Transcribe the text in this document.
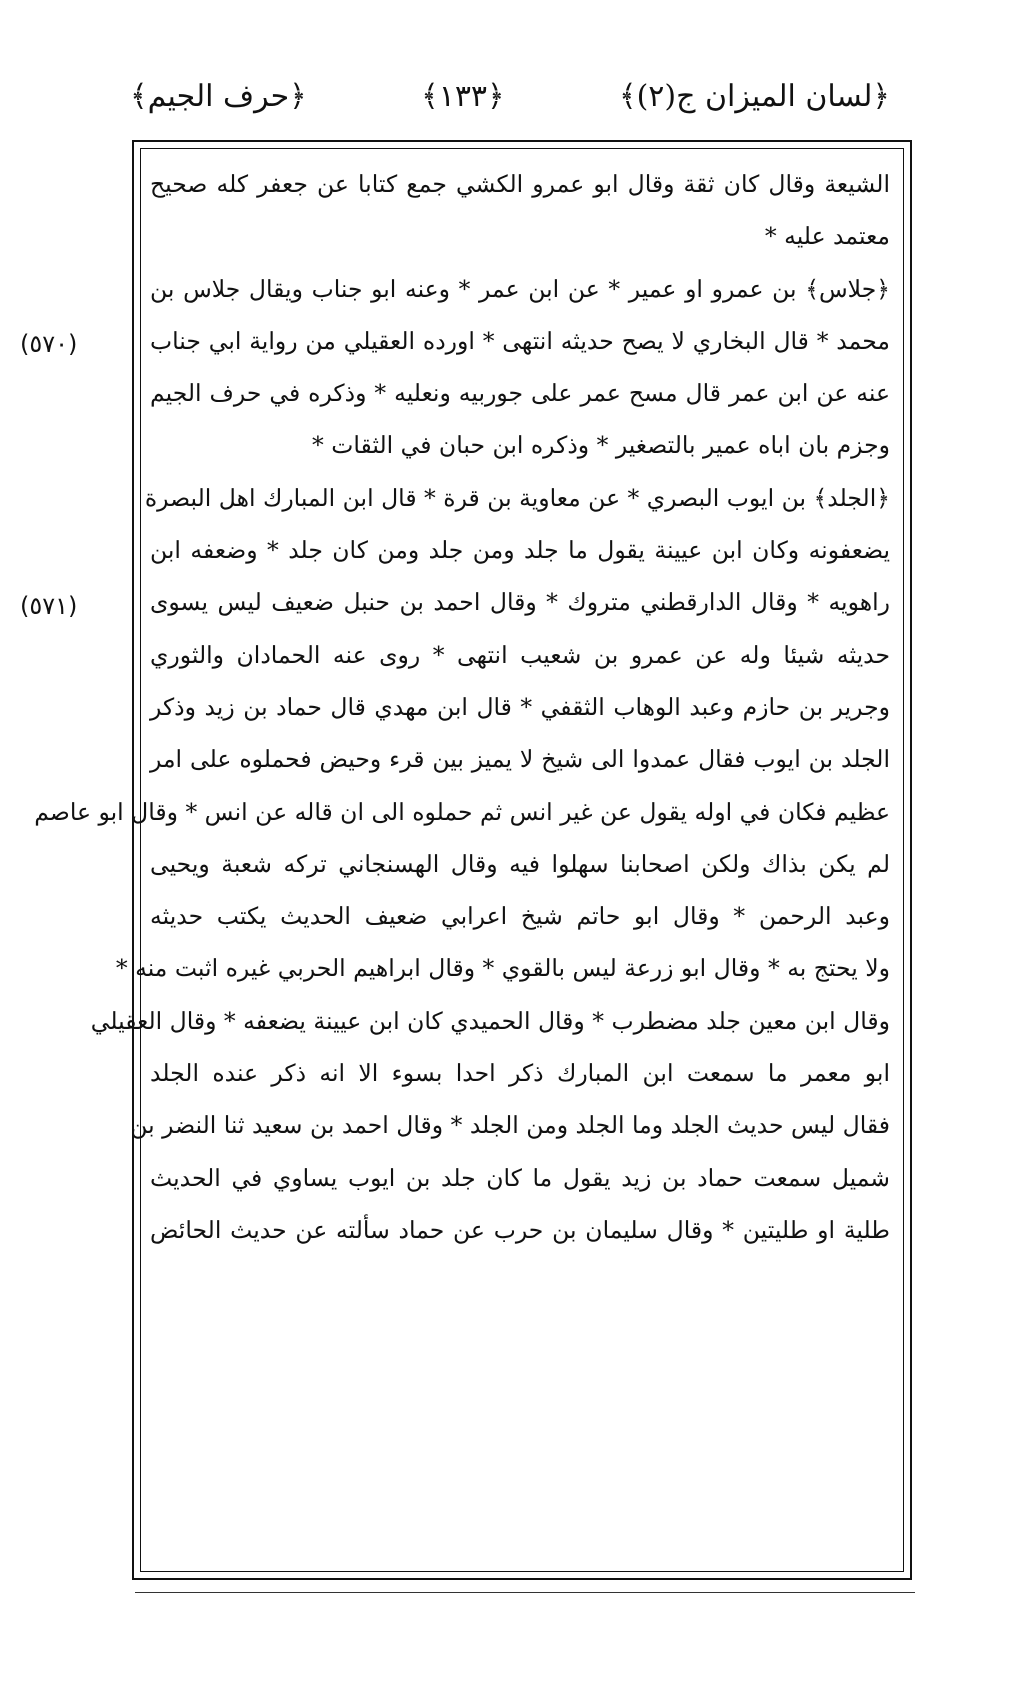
﴿لسان الميزان ج(٢)﴾
﴿١٣٣﴾
﴿حرف الجيم﴾
(٥٧٠)
(٥٧١)
الشيعة وقال كان ثقة وقال ابو عمرو الكشي جمع كتابا عن جعفر كله صحيح
معتمد عليه *
﴿جلاس﴾ بن عمرو او عمير * عن ابن عمر * وعنه ابو جناب ويقال جلاس بن
محمد * قال البخاري لا يصح حديثه انتهى * اورده العقيلي من رواية ابي جناب
عنه عن ابن عمر قال مسح عمر على جوربيه ونعليه * وذكره في حرف الجيم
وجزم بان اباه عمير بالتصغير * وذكره ابن حبان في الثقات *
﴿الجلد﴾ بن ايوب البصري * عن معاوية بن قرة * قال ابن المبارك اهل البصرة
يضعفونه وكان ابن عيينة يقول ما جلد ومن جلد ومن كان جلد * وضعفه ابن
راهويه * وقال الدارقطني متروك * وقال احمد بن حنبل ضعيف ليس يسوى
حديثه شيئا وله عن عمرو بن شعيب انتهى * روى عنه الحمادان والثوري
وجرير بن حازم وعبد الوهاب الثقفي * قال ابن مهدي قال حماد بن زيد وذكر
الجلد بن ايوب فقال عمدوا الى شيخ لا يميز بين قرء وحيض فحملوه على امر
عظيم فكان في اوله يقول عن غير انس ثم حملوه الى ان قاله عن انس * وقال ابو عاصم
لم يكن بذاك ولكن اصحابنا سهلوا فيه وقال الهسنجاني تركه شعبة ويحيى
وعبد الرحمن * وقال ابو حاتم شيخ اعرابي ضعيف الحديث يكتب حديثه
ولا يحتج به * وقال ابو زرعة ليس بالقوي * وقال ابراهيم الحربي غيره اثبت منه *
وقال ابن معين جلد مضطرب * وقال الحميدي كان ابن عيينة يضعفه * وقال العقيلي
ابو معمر ما سمعت ابن المبارك ذكر احدا بسوء الا انه ذكر عنده الجلد
فقال ليس حديث الجلد وما الجلد ومن الجلد * وقال احمد بن سعيد ثنا النضر بن
شميل سمعت حماد بن زيد يقول ما كان جلد بن ايوب يساوي في الحديث
طلية او طليتين * وقال سليمان بن حرب عن حماد سألته عن حديث الحائض
